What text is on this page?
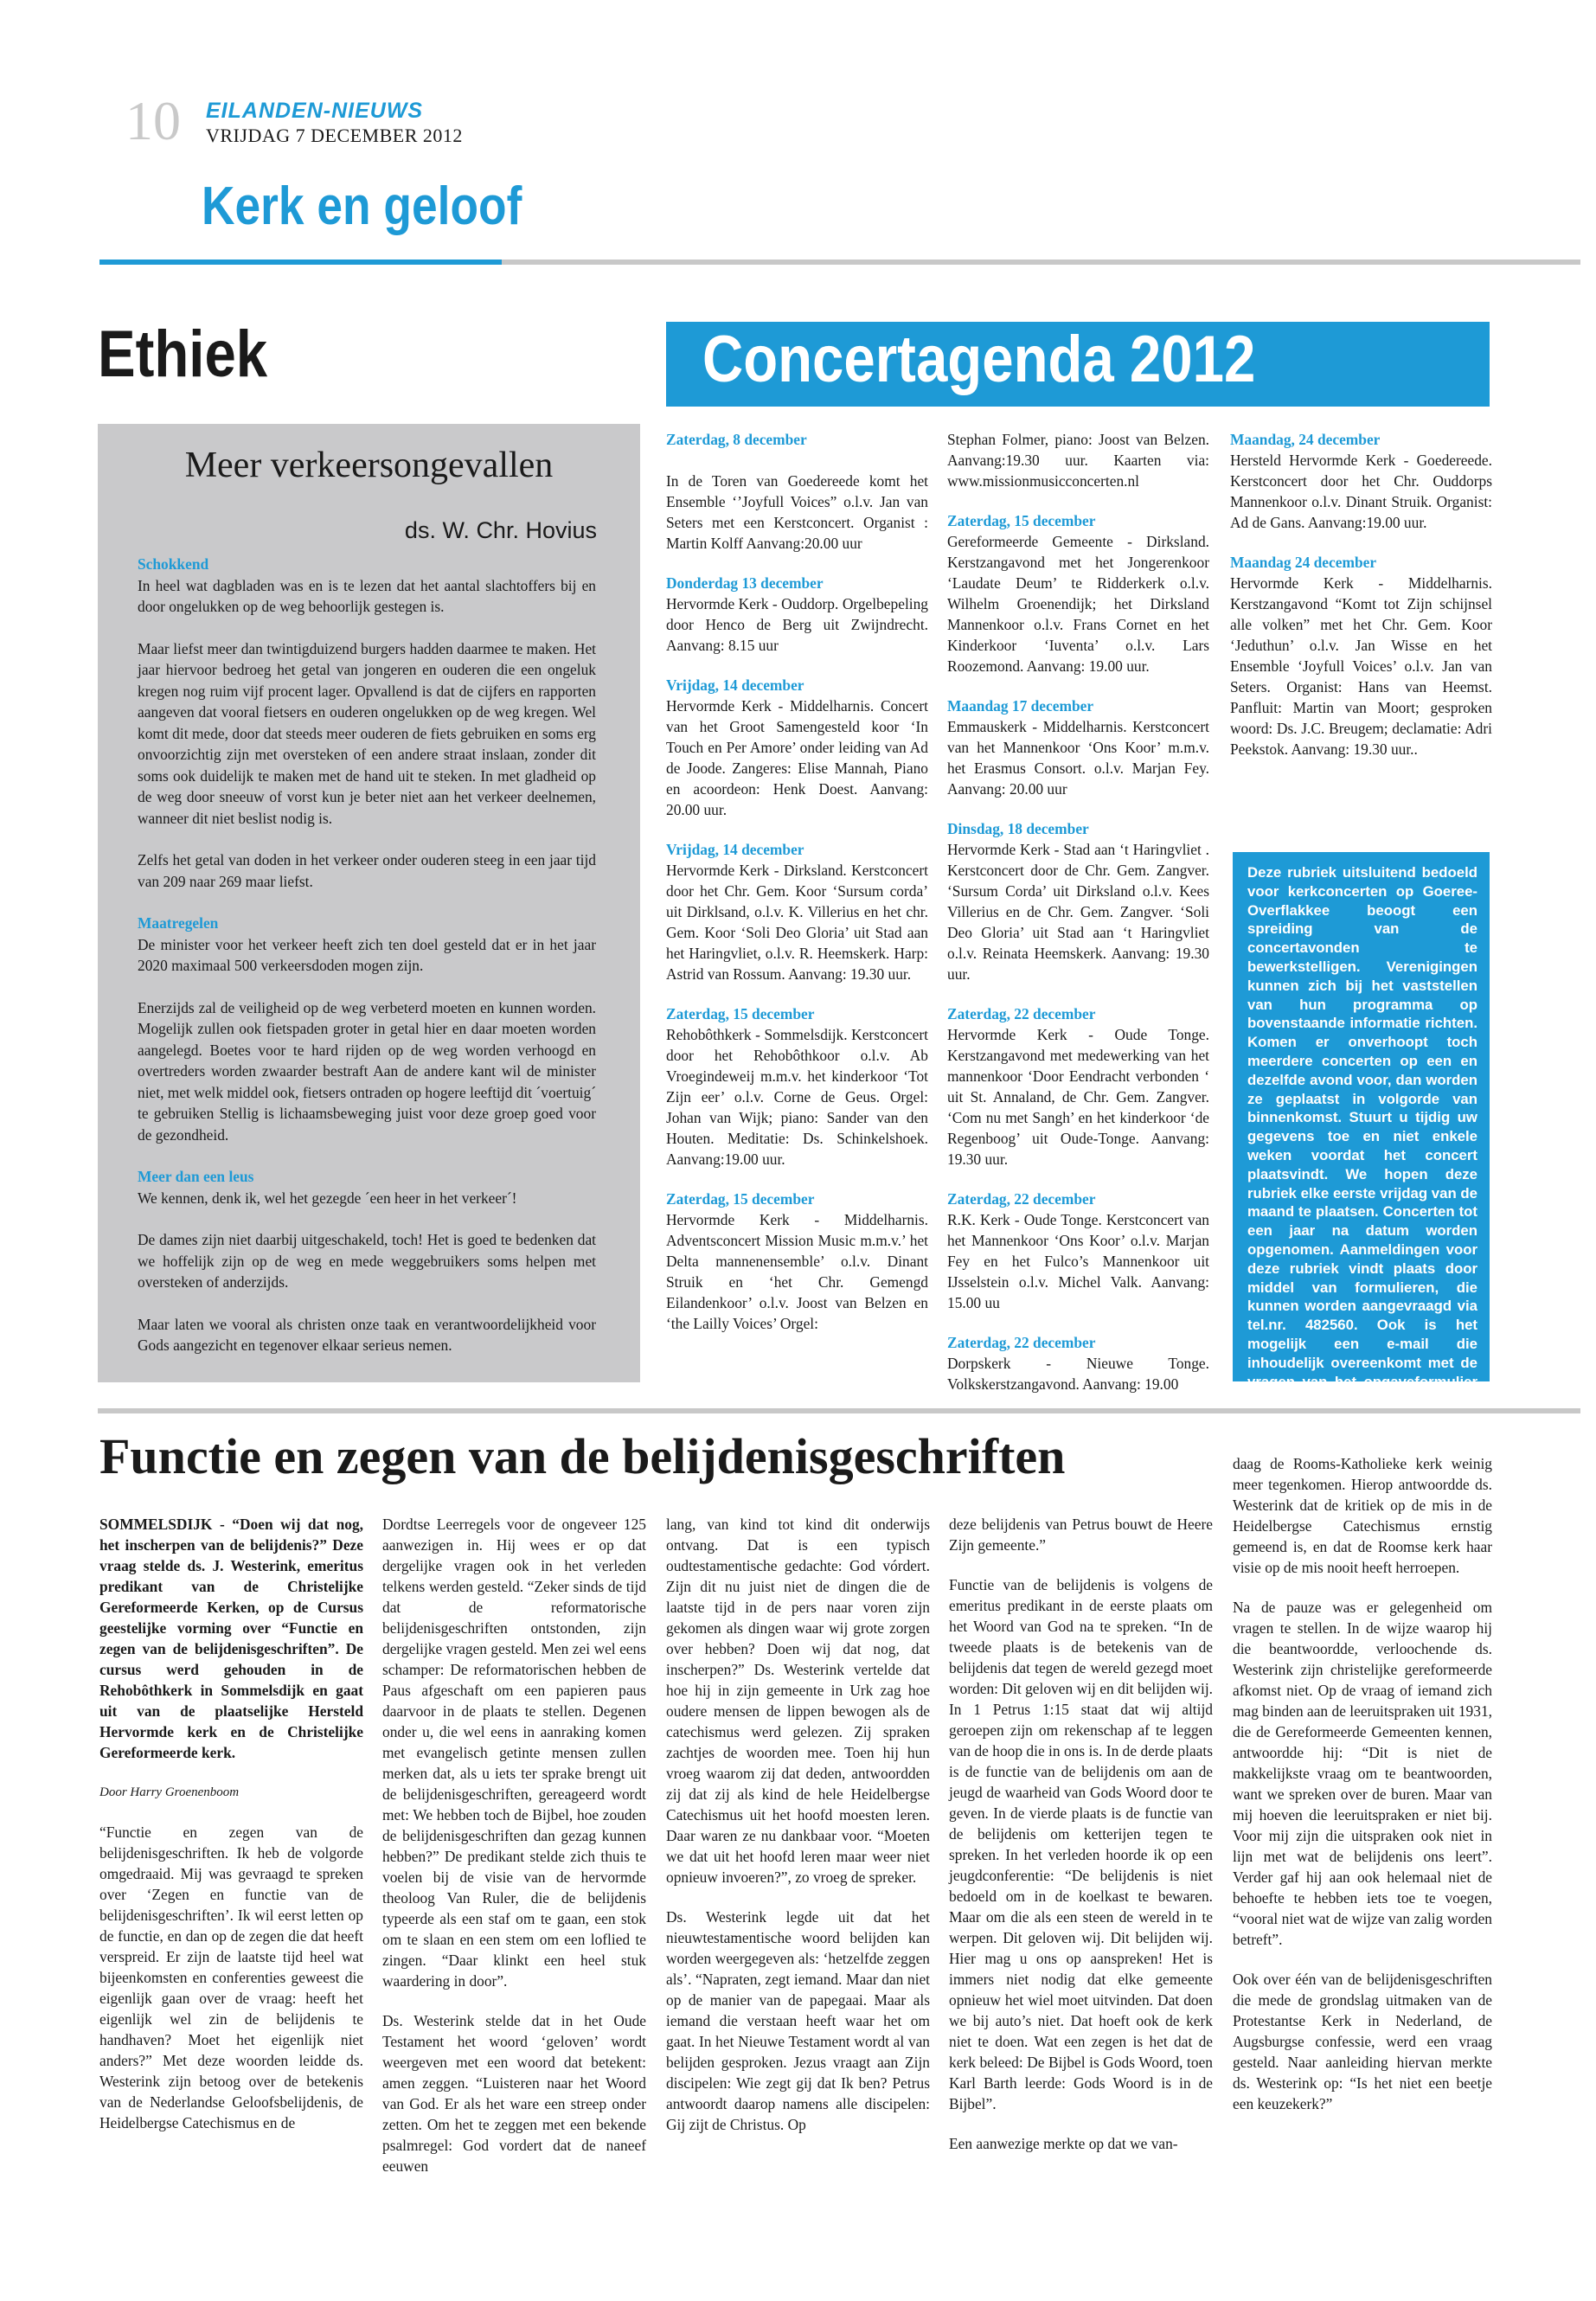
10 EILANDEN-NIEUWS
VRIJDAG 7 DECEMBER 2012
Kerk en geloof
Ethiek
Meer verkeersongevallen
ds. W. Chr. Hovius

Schokkend

In heel wat dagbladen was en is te lezen dat het aantal slachtoffers bij en door ongelukken op de weg behoorlijk gestegen is.

Maar liefst meer dan twintigduizend burgers hadden daarmee te maken. Het jaar hiervoor bedroeg het getal van jongeren en ouderen die een ongeluk kregen nog ruim vijf procent lager. Opvallend is dat de cijfers en rapporten aangeven dat vooral fietsers en ouderen ongelukken op de weg kregen. Wel komt dit mede, door dat steeds meer ouderen de fiets gebruiken en soms erg onvoorzichtig zijn met oversteken of een andere straat inslaan, zonder dit soms ook duidelijk te maken met de hand uit te steken. In met gladheid op de weg door sneeuw of vorst kun je beter niet aan het verkeer deelnemen, wanneer dit niet beslist nodig is.

Zelfs het getal van doden in het verkeer onder ouderen steeg in een jaar tijd van 209 naar 269 maar liefst.

Maatregelen

De minister voor het verkeer heeft zich ten doel gesteld dat er in het jaar 2020 maximaal 500 verkeersdoden mogen zijn.

Enerzijds zal de veiligheid op de weg verbeterd moeten en kunnen worden. Mogelijk zullen ook fietspaden groter in getal hier en daar moeten worden aangelegd. Boetes voor te hard rijden op de weg worden verhoogd en overtreders worden zwaarder bestraft Aan de andere kant wil de minister niet, met welk middel ook, fietsers ontraden op hogere leeftijd dit ´voertuig´ te gebruiken Stellig is lichaamsbeweging juist voor deze groep goed voor de gezondheid.

Meer dan een leus

We kennen, denk ik, wel het gezegde ´een heer in het verkeer´!

De dames zijn niet daarbij uitgeschakeld, toch! Het is goed te bedenken dat we hoffelijk zijn op de weg en mede weggebruikers soms helpen met oversteken of anderzijds.

Maar laten we vooral als christen onze taak en verantwoordelijkheid voor Gods aangezicht en tegenover elkaar serieus nemen.

Concertagenda 2012

Zaterdag, 8 december

In de Toren van Goedereede komt het Ensemble ‘’Joyfull Voices” o.l.v. Jan van Seters met een Kerstconcert. Organist : Martin Kolff Aanvang:20.00 uur

Donderdag 13 december

Hervormde Kerk - Ouddorp. Orgelbepeling door Henco de Berg uit Zwijndrecht. Aanvang: 8.15 uur

Vrijdag, 14 december

Hervormde Kerk - Middelharnis. Concert van het Groot Samengesteld koor ‘In Touch en Per Amore’ onder leiding van Ad de Joode. Zangeres: Elise Mannah, Piano en acoordeon: Henk Doest. Aanvang: 20.00 uur.

Vrijdag, 14 december

Hervormde Kerk - Dirksland. Kerstconcert door het Chr. Gem. Koor ‘Sursum corda’ uit Dirklsand, o.l.v. K. Villerius en het chr. Gem. Koor ‘Soli Deo Gloria’ uit Stad aan het Haringvliet, o.l.v. R. Heemskerk. Harp: Astrid van Rossum. Aanvang: 19.30 uur.

Zaterdag, 15 december

Rehobôthkerk - Sommelsdijk. Kerstconcert door het Rehobôthkoor o.l.v. Ab Vroegindeweij m.m.v. het kinderkoor ‘Tot Zijn eer’ o.l.v. Corne de Geus. Orgel: Johan van Wijk; piano: Sander van den Houten. Meditatie: Ds. Schinkelshoek. Aanvang:19.00 uur.

Zaterdag, 15 december

Hervormde Kerk - Middelharnis. Adventsconcert Mission Music m.m.v.’ het Delta mannenensemble’ o.l.v. Dinant Struik en ‘het Chr. Gemengd Eilandenkoor’ o.l.v. Joost van Belzen en ‘the Lailly Voices’ Orgel:

Stephan Folmer, piano: Joost van Belzen. Aanvang:19.30 uur. Kaarten via: www.missionmusicconcerten.nl

Zaterdag, 15 december

Gereformeerde Gemeente - Dirksland. Kerstzangavond met het Jongerenkoor ‘Laudate Deum’ te Ridderkerk o.l.v. Wilhelm Groenendijk; het Dirksland Mannenkoor o.l.v. Frans Cornet en het Kinderkoor ‘Iuventa’ o.l.v. Lars Roozemond. Aanvang: 19.00 uur.

Maandag 17 december

Emmauskerk - Middelharnis. Kerstconcert van het Mannenkoor ‘Ons Koor’ m.m.v. het Erasmus Consort. o.l.v. Marjan Fey. Aanvang: 20.00 uur

Dinsdag, 18 december

Hervormde Kerk - Stad aan ‘t Haringvliet . Kerstconcert door de Chr. Gem. Zangver. ‘Sursum Corda’ uit Dirksland o.l.v. Kees Villerius en de Chr. Gem. Zangver. ‘Soli Deo Gloria’ uit Stad aan ‘t Haringvliet o.l.v. Reinata Heemskerk. Aanvang: 19.30 uur.

Zaterdag, 22 december

Hervormde Kerk - Oude Tonge. Kerstzangavond met medewerking van het mannenkoor ‘Door Eendracht verbonden ‘ uit St. Annaland, de Chr. Gem. Zangver. ‘Com nu met Sangh’ en het kinderkoor ‘de Regenboog’ uit Oude-Tonge. Aanvang: 19.30 uur.

Zaterdag, 22 december

R.K. Kerk - Oude Tonge. Kerstconcert van het Mannenkoor ‘Ons Koor’ o.l.v. Marjan Fey en het Fulco’s Mannenkoor uit IJsselstein o.l.v. Michel Valk. Aanvang: 15.00 uu

Zaterdag, 22 december

Dorpskerk - Nieuwe Tonge. Volkskerstzangavond. Aanvang: 19.00

Maandag, 24 december

Hersteld Hervormde Kerk - Goedereede. Kerstconcert door het Chr. Ouddorps Mannenkoor o.l.v. Dinant Struik. Organist: Ad de Gans. Aanvang:19.00 uur.

Maandag 24 december

Hervormde Kerk - Middelharnis. Kerstzangavond “Komt tot Zijn schijnsel alle volken” met het Chr. Gem. Koor ‘Jeduthun’ o.l.v. Jan Wisse en het Ensemble ‘Joyfull Voices’ o.l.v. Jan van Seters. Organist: Hans van Heemst. Panfluit: Martin van Moort; gesproken woord: Ds. J.C. Breugem; declamatie: Adri Peekstok. Aanvang: 19.30 uur..

Deze rubriek uitsluitend bedoeld voor kerkconcerten op Goeree-Overflakkee beoogt een spreiding van de concertavonden te bewerkstelligen. Verenigingen kunnen zich bij het vaststellen van hun programma op bovenstaande informatie richten. Komen er onverhoopt toch meerdere concerten op een en dezelfde avond voor, dan worden ze geplaatst in volgorde van binnenkomst. Stuurt u tijdig uw gegevens toe en niet enkele weken voordat het concert plaatsvindt. We hopen deze rubriek elke eerste vrijdag van de maand te plaatsen. Concerten tot een jaar na datum worden opgenomen. Aanmeldingen voor deze rubriek vindt plaats door middel van formulieren, die kunnen worden aangevraagd via tel.nr. 482560. Ook is het mogelijk een e-mail die inhoudelijk overeenkomt met de vragen van het opgaveformulier te sturen aan jvanhoorn@wxs.nl.
Functie en zegen van de belijdenisgeschriften

SOMMELSDIJK - “Doen wij dat nog, het inscherpen van de belijdenis?” Deze vraag stelde ds. J. Westerink, emeritus predikant van de Christelijke Gereformeerde Kerken, op de Cursus geestelijke vorming over “Functie en zegen van de belijdenisgeschriften”. De cursus werd gehouden in de Rehobôthkerk in Sommelsdijk en gaat uit van de plaatselijke Hersteld Hervormde kerk en de Christelijke Gereformeerde kerk.

Door Harry Groenenboom

“Functie en zegen van de belijdenisgeschriften. Ik heb de volgorde omgedraaid. Mij was gevraagd te spreken over ‘Zegen en functie van de belijdenisgeschriften’. Ik wil eerst letten op de functie, en dan op de zegen die dat heeft verspreid. Er zijn de laatste tijd heel wat bijeenkomsten en conferenties geweest die eigenlijk gaan over de vraag: heeft het eigenlijk wel zin de belijdenis te handhaven? Moet het eigenlijk niet anders?” Met deze woorden leidde ds. Westerink zijn betoog over de betekenis van de Nederlandse Geloofsbelijdenis, de Heidelbergse Catechismus en de

Dordtse Leerregels voor de ongeveer 125 aanwezigen in. Hij wees er op dat dergelijke vragen ook in het verleden telkens werden gesteld. “Zeker sinds de tijd dat de reformatorische belijdenisgeschriften ontstonden, zijn dergelijke vragen gesteld. Men zei wel eens schamper: De reformatorischen hebben de Paus afgeschaft om een papieren paus daarvoor in de plaats te stellen. Degenen onder u, die wel eens in aanraking komen met evangelisch getinte mensen zullen merken dat, als u iets ter sprake brengt uit de belijdenisgeschriften, gereageerd wordt met: We hebben toch de Bijbel, hoe zouden de belijdenisgeschriften dan gezag kunnen hebben?” De predikant stelde zich thuis te voelen bij de visie van de hervormde theoloog Van Ruler, die de belijdenis typeerde als een staf om te gaan, een stok om te slaan en een stem om een loflied te zingen. “Daar klinkt een heel stuk waardering in door”.

Ds. Westerink stelde dat in het Oude Testament het woord ‘geloven’ wordt weergeven met een woord dat betekent: amen zeggen. “Luisteren naar het Woord van God. Er als het ware een streep onder zetten. Om het te zeggen met een bekende psalmregel: God vordert dat de naneef eeuwen

lang, van kind tot kind dit onderwijs ontvang. Dat is een typisch oudtestamentische gedachte: God vórdert. Zijn dit nu juist niet de dingen die de laatste tijd in de pers naar voren zijn gekomen als dingen waar wij grote zorgen over hebben? Doen wij dat nog, dat inscherpen?” Ds. Westerink vertelde dat hoe hij in zijn gemeente in Urk zag hoe oudere mensen de lippen bewogen als de catechismus werd gelezen. Zij spraken zachtjes de woorden mee. Toen hij hun vroeg waarom zij dat deden, antwoordden zij dat zij als kind de hele Heidelbergse Catechismus uit het hoofd moesten leren. Daar waren ze nu dankbaar voor. “Moeten we dat uit het hoofd leren maar weer niet opnieuw invoeren?”, zo vroeg de spreker.

Ds. Westerink legde uit dat het nieuwtestamentische woord belijden kan worden weergegeven als: ‘hetzelfde zeggen als’. “Napraten, zegt iemand. Maar dan niet op de manier van de papegaai. Maar als iemand die verstaan heeft waar het om gaat. In het Nieuwe Testament wordt al van belijden gesproken. Jezus vraagt aan Zijn discipelen: Wie zegt gij dat Ik ben? Petrus antwoordt daarop namens alle discipelen: Gij zijt de Christus. Op

deze belijdenis van Petrus bouwt de Heere Zijn gemeente.”

Functie van de belijdenis is volgens de emeritus predikant in de eerste plaats om het Woord van God na te spreken. “In de tweede plaats is de betekenis van de belijdenis dat tegen de wereld gezegd moet worden: Dit geloven wij en dit belijden wij. In 1 Petrus 1:15 staat dat wij altijd geroepen zijn om rekenschap af te leggen van de hoop die in ons is. In de derde plaats is de functie van de belijdenis om aan de jeugd de waarheid van Gods Woord door te geven. In de vierde plaats is de functie van de belijdenis om ketterijen tegen te spreken. In het verleden hoorde ik op een jeugdconferentie: “De belijdenis is niet bedoeld om in de koelkast te bewaren. Maar om die als een steen de wereld in te werpen. Dit geloven wij. Dit belijden wij. Hier mag u ons op aanspreken! Het is immers niet nodig dat elke gemeente opnieuw het wiel moet uitvinden. Dat doen we bij auto’s niet. Dat hoeft ook de kerk niet te doen. Wat een zegen is het dat de kerk beleed: De Bijbel is Gods Woord, toen Karl Barth leerde: Gods Woord is in de Bijbel”.

Een aanwezige merkte op dat we van-

daag de Rooms-Katholieke kerk weinig meer tegenkomen. Hierop antwoordde ds. Westerink dat de kritiek op de mis in de Heidelbergse Catechismus ernstig gemeend is, en dat de Roomse kerk haar visie op de mis nooit heeft herroepen.

Na de pauze was er gelegenheid om vragen te stellen. In de wijze waarop hij die beantwoordde, verloochende ds. Westerink zijn christelijke gereformeerde afkomst niet. Op de vraag of iemand zich mag binden aan de leeruitspraken uit 1931, die de Gereformeerde Gemeenten kennen, antwoordde hij: “Dit is niet de makkelijkste vraag om te beantwoorden, want we spreken over de buren. Maar van mij hoeven die leeruitspraken er niet bij. Voor mij zijn die uitspraken ook niet in lijn met wat de belijdenis ons leert”. Verder gaf hij aan ook helemaal niet de behoefte te hebben iets toe te voegen, “vooral niet wat de wijze van zalig worden betreft”.

Ook over één van de belijdenisgeschriften die mede de grondslag uitmaken van de Protestantse Kerk in Nederland, de Augsburgse confessie, werd een vraag gesteld. Naar aanleiding hiervan merkte ds. Westerink op: “Is het niet een beetje een keuzekerk?”
